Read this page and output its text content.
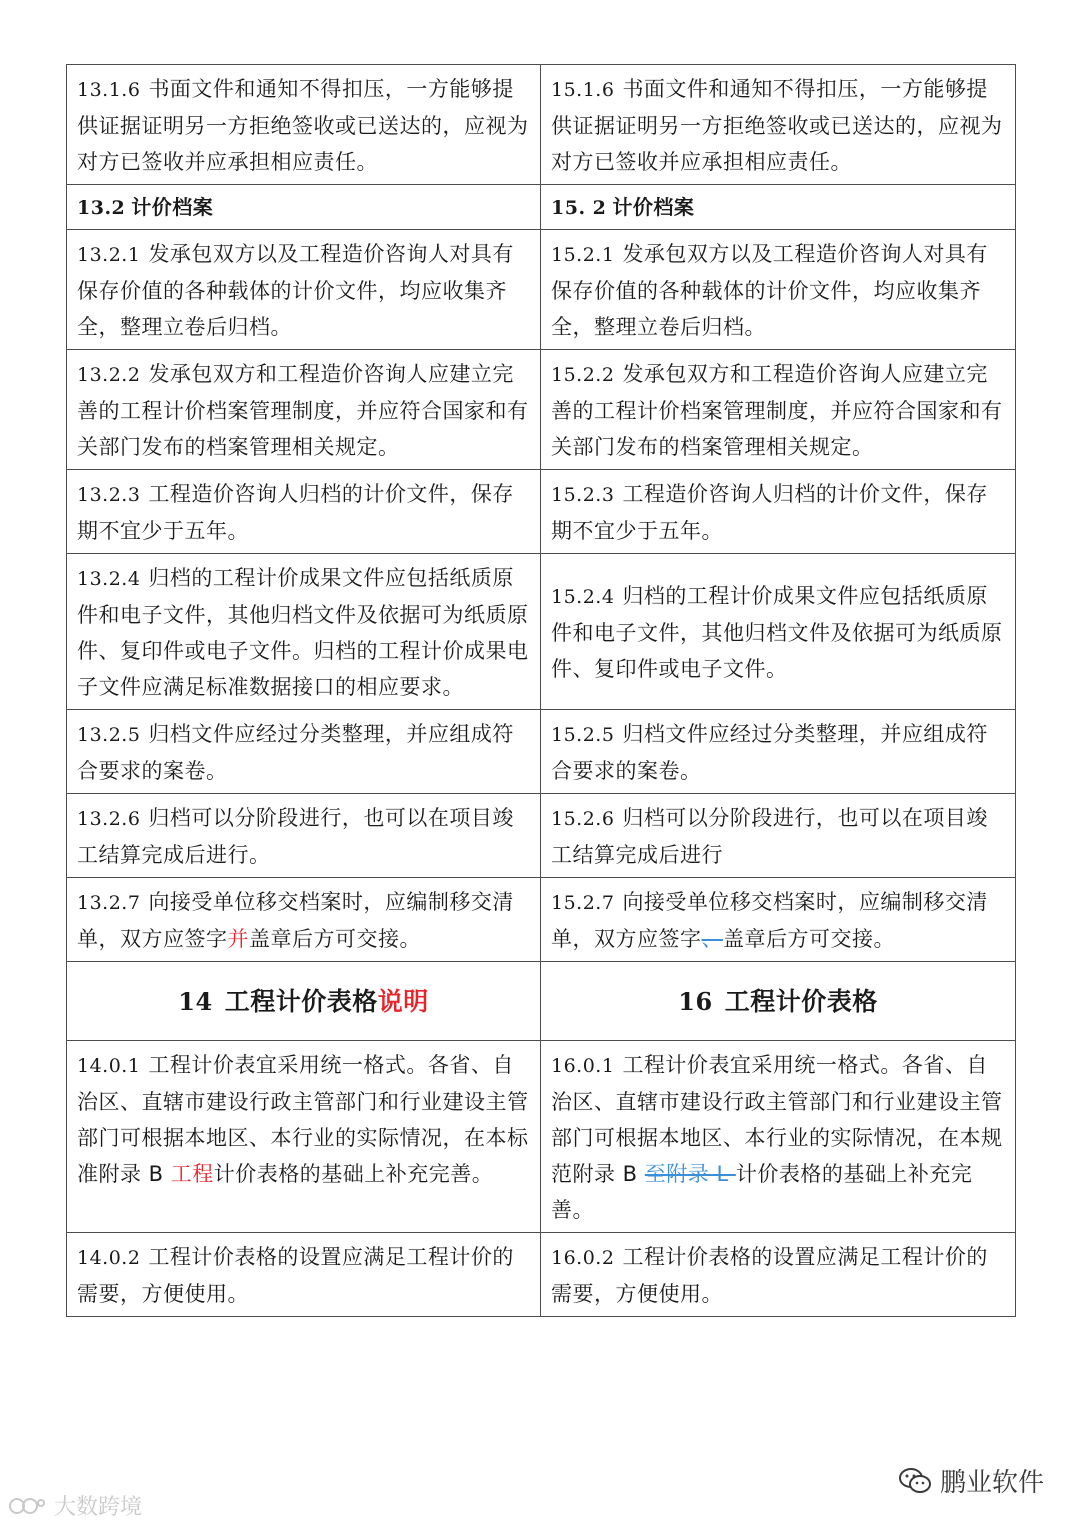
13.1.6 书面文件和通知不得扣压，一方能够提供证据证明另一方拒绝签收或已送达的，应视为对方已签收并应承担相应责任。	15.1.6 书面文件和通知不得扣压，一方能够提供证据证明另一方拒绝签收或已送达的，应视为对方已签收并应承担相应责任。
13.2 计价档案	15. 2 计价档案
13.2.1 发承包双方以及工程造价咨询人对具有保存价值的各种载体的计价文件，均应收集齐全，整理立卷后归档。	15.2.1 发承包双方以及工程造价咨询人对具有保存价值的各种载体的计价文件，均应收集齐全，整理立卷后归档。
13.2.2 发承包双方和工程造价咨询人应建立完善的工程计价档案管理制度，并应符合国家和有关部门发布的档案管理相关规定。	15.2.2 发承包双方和工程造价咨询人应建立完善的工程计价档案管理制度，并应符合国家和有关部门发布的档案管理相关规定。
13.2.3 工程造价咨询人归档的计价文件，保存期不宜少于五年。	15.2.3 工程造价咨询人归档的计价文件，保存期不宜少于五年。
13.2.4 归档的工程计价成果文件应包括纸质原件和电子文件，其他归档文件及依据可为纸质原件、复印件或电子文件。归档的工程计价成果电子文件应满足标准数据接口的相应要求。	15.2.4 归档的工程计价成果文件应包括纸质原件和电子文件，其他归档文件及依据可为纸质原件、复印件或电子文件。
13.2.5 归档文件应经过分类整理，并应组成符合要求的案卷。	15.2.5 归档文件应经过分类整理，并应组成符合要求的案卷。
13.2.6 归档可以分阶段进行，也可以在项目竣工结算完成后进行。	15.2.6 归档可以分阶段进行，也可以在项目竣工结算完成后进行
13.2.7 向接受单位移交档案时，应编制移交清单，双方应签字并盖章后方可交接。	15.2.7 向接受单位移交档案时，应编制移交清单，双方应签字、盖章后方可交接。
14 工程计价表格说明	16 工程计价表格
14.0.1 工程计价表宜采用统一格式。各省、自治区、直辖市建设行政主管部门和行业建设主管部门可根据本地区、本行业的实际情况，在本标准附录 B 工程计价表格的基础上补充完善。	16.0.1 工程计价表宜采用统一格式。各省、自治区、直辖市建设行政主管部门和行业建设主管部门可根据本地区、本行业的实际情况，在本规范附录 B 至附录 L 计价表格的基础上补充完善。
14.0.2 工程计价表格的设置应满足工程计价的需要，方便使用。	16.0.2 工程计价表格的设置应满足工程计价的需要，方便使用。
鹏业软件
大数跨境
